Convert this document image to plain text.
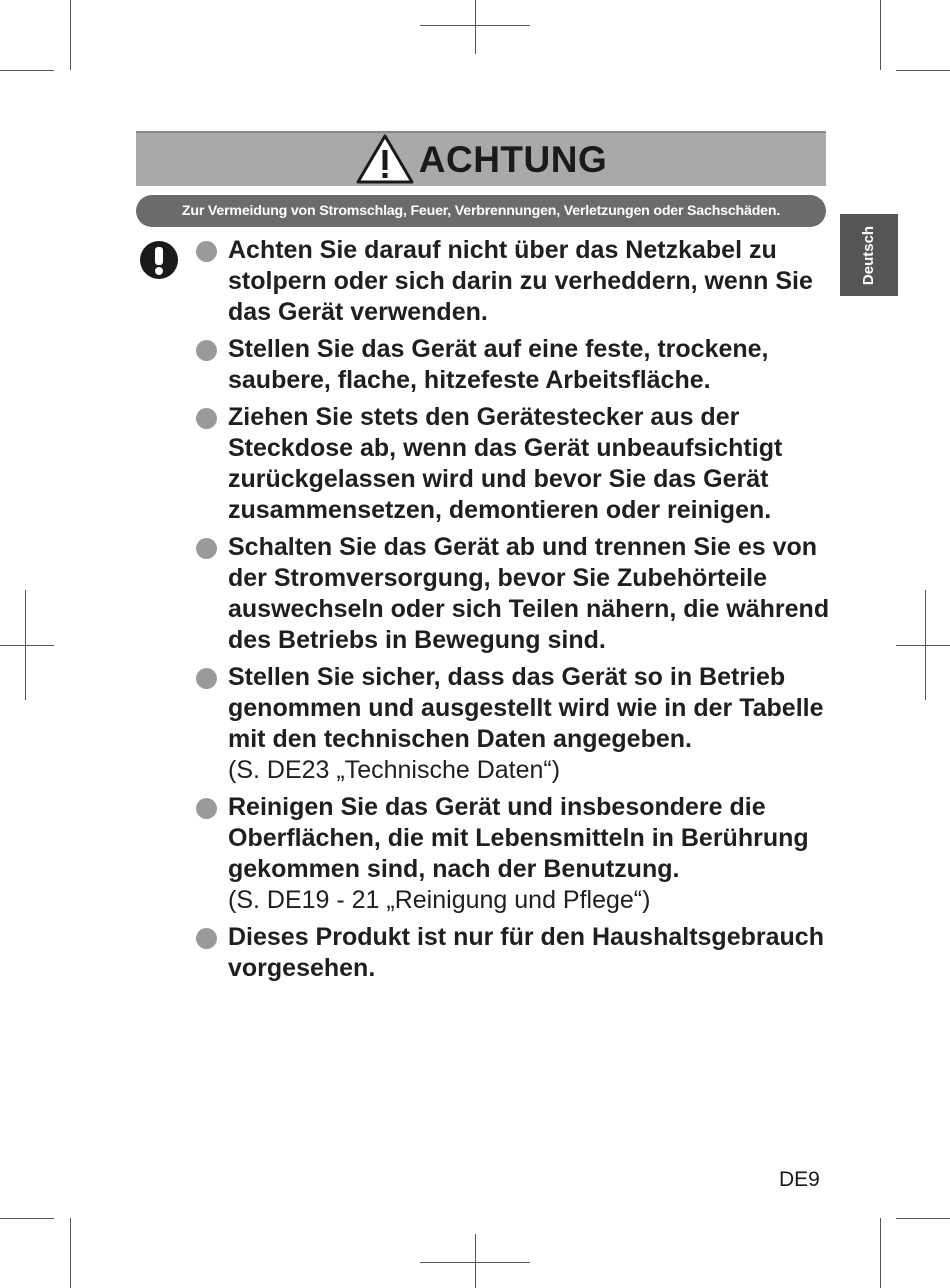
Deutsch
ACHTUNG
Zur Vermeidung von Stromschlag, Feuer, Verbrennungen, Verletzungen oder Sachschäden.
Achten Sie darauf nicht über das Netzkabel zu stolpern oder sich darin zu verheddern, wenn Sie das Gerät verwenden.
Stellen Sie das Gerät auf eine feste, trockene, saubere, flache, hitzefeste Arbeitsfläche.
Ziehen Sie stets den Gerätestecker aus der Steckdose ab, wenn das Gerät unbeaufsichtigt zurückgelassen wird und bevor Sie das Gerät zusammensetzen, demontieren oder reinigen.
Schalten Sie das Gerät ab und trennen Sie es von der Stromversorgung, bevor Sie Zubehörteile auswechseln oder sich Teilen nähern, die während des Betriebs in Bewegung sind.
Stellen Sie sicher, dass das Gerät so in Betrieb genommen und ausgestellt wird wie in der Tabelle mit den technischen Daten angegeben.
(S. DE23 „Technische Daten“)
Reinigen Sie das Gerät und insbesondere die Oberflächen, die mit Lebensmitteln in Berührung gekommen sind, nach der Benutzung.
(S. DE19 - 21 „Reinigung und Pflege“)
Dieses Produkt ist nur für den Haushaltsgebrauch vorgesehen.
DE9
